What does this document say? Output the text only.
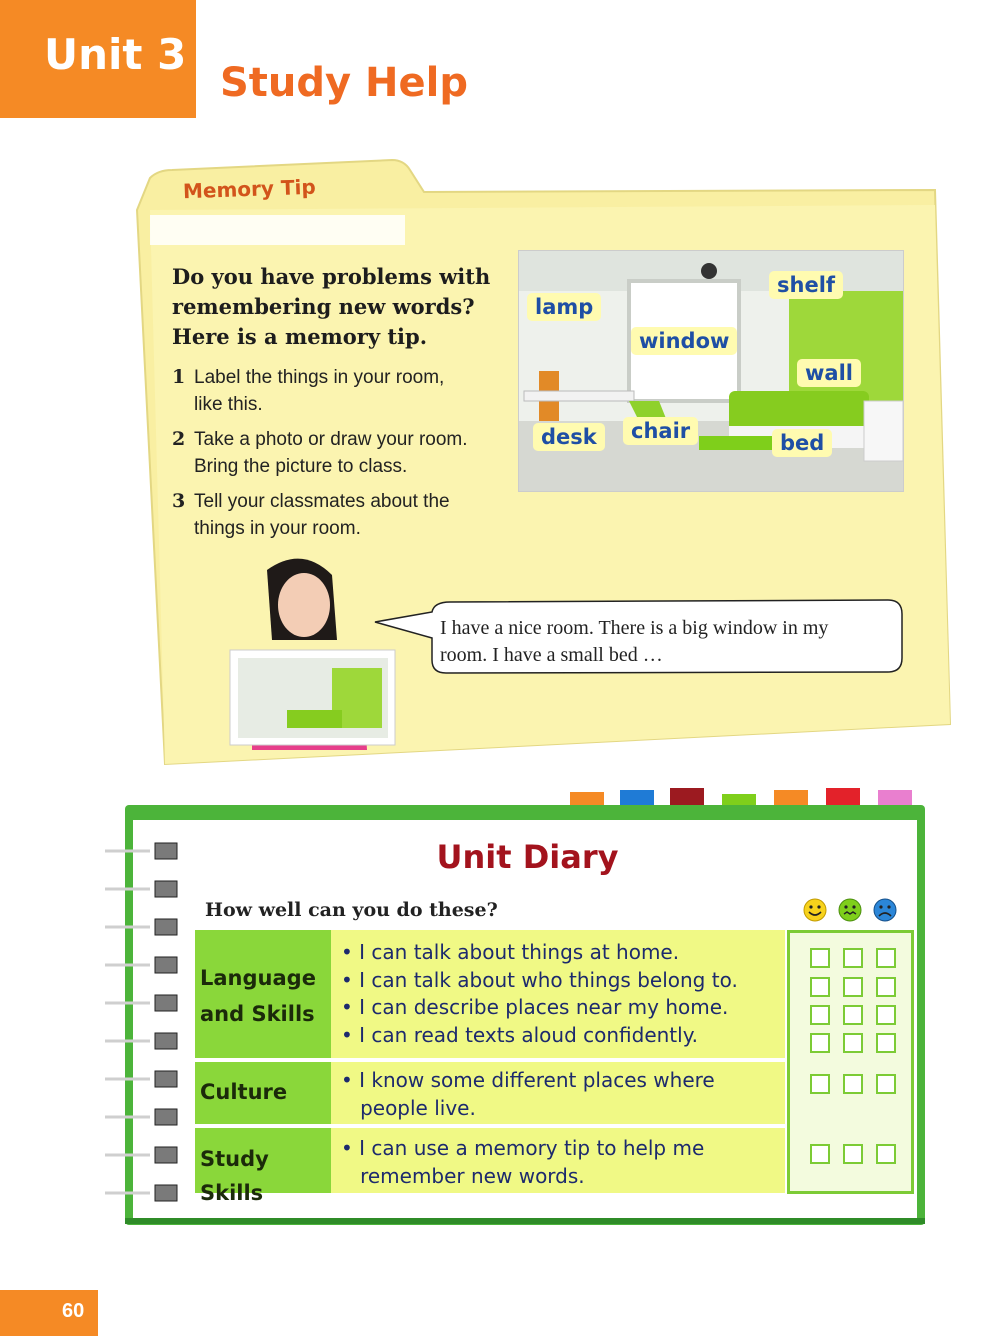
Unit 3
Study Help
Memory Tip
Do you have problems with
remembering new words?
Here is a memory tip.
1 Label the things in your room,
like this.
2 Take a photo or draw your room.
Bring the picture to class.
3 Tell your classmates about the
things in your room.
lamp
window
shelf
wall
desk	chair	bed
I have a nice room. There is a big window in my
room. I have a small bed …
Unit Diary
How well can you do these?
Language
and Skills
• I can talk about things at home.
• I can talk about who things belong to.
• I can describe places near my home.
• I can read texts aloud confidently.
Culture	• I know some different places where
people live.
Study Skills
• I can use a memory tip to help me
remember new words.
60
